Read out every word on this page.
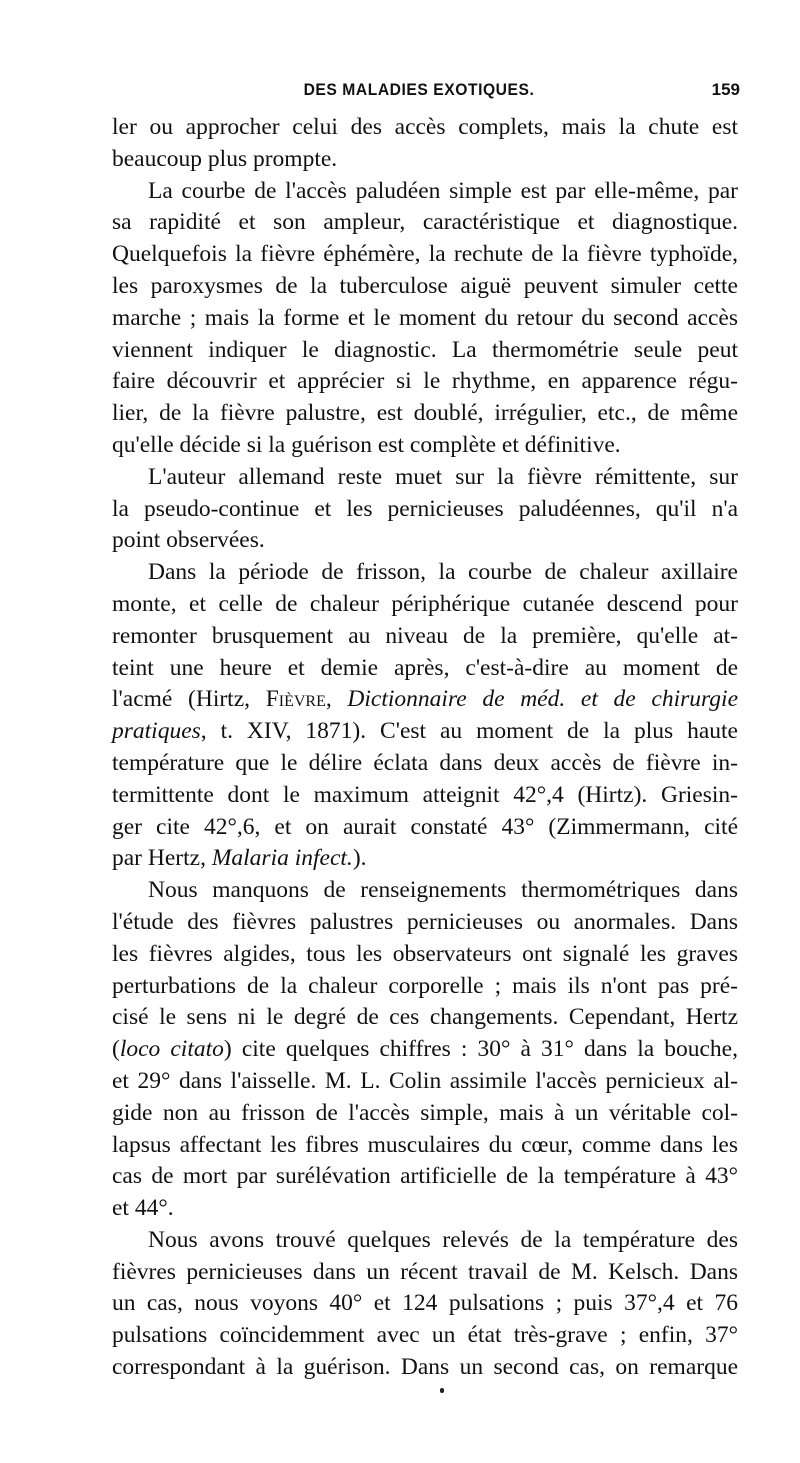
DES MALADIES EXOTIQUES.	159
ler ou approcher celui des accès complets, mais la chute est
beaucoup plus prompte.
La courbe de l'accès paludéen simple est par elle-même, par
sa rapidité et son ampleur, caractéristique et diagnostique.
Quelquefois la fièvre éphémère, la rechute de la fièvre typhoïde,
les paroxysmes de la tuberculose aiguë peuvent simuler cette
marche ; mais la forme et le moment du retour du second accès
viennent indiquer le diagnostic. La thermométrie seule peut
faire découvrir et apprécier si le rhythme, en apparence régu-
lier, de la fièvre palustre, est doublé, irrégulier, etc., de même
qu'elle décide si la guérison est complète et définitive.
L'auteur allemand reste muet sur la fièvre rémittente, sur
la pseudo-continue et les pernicieuses paludéennes, qu'il n'a
point observées.
Dans la période de frisson, la courbe de chaleur axillaire
monte, et celle de chaleur périphérique cutanée descend pour
remonter brusquement au niveau de la première, qu'elle at-
teint une heure et demie après, c'est-à-dire au moment de
l'acmé (Hirtz, Fièvre, Dictionnaire de méd. et de chirurgie
pratiques, t. XIV, 1871). C'est au moment de la plus haute
température que le délire éclata dans deux accès de fièvre in-
termittente dont le maximum atteignit 42°,4 (Hirtz). Griesin-
ger cite 42°,6, et on aurait constaté 43° (Zimmermann, cité
par Hertz, Malaria infect.).
Nous manquons de renseignements thermométriques dans
l'étude des fièvres palustres pernicieuses ou anormales. Dans
les fièvres algides, tous les observateurs ont signalé les graves
perturbations de la chaleur corporelle ; mais ils n'ont pas pré-
cisé le sens ni le degré de ces changements. Cependant, Hertz
(loco citato) cite quelques chiffres : 30° à 31° dans la bouche,
et 29° dans l'aisselle. M. L. Colin assimile l'accès pernicieux al-
gide non au frisson de l'accès simple, mais à un véritable col-
lapsus affectant les fibres musculaires du cœur, comme dans les
cas de mort par surélévation artificielle de la température à 43°
et 44°.
Nous avons trouvé quelques relevés de la température des
fièvres pernicieuses dans un récent travail de M. Kelsch. Dans
un cas, nous voyons 40° et 124 pulsations ; puis 37°,4 et 76
pulsations coïncidemment avec un état très-grave ; enfin, 37°
correspondant à la guérison. Dans un second cas, on remarque
